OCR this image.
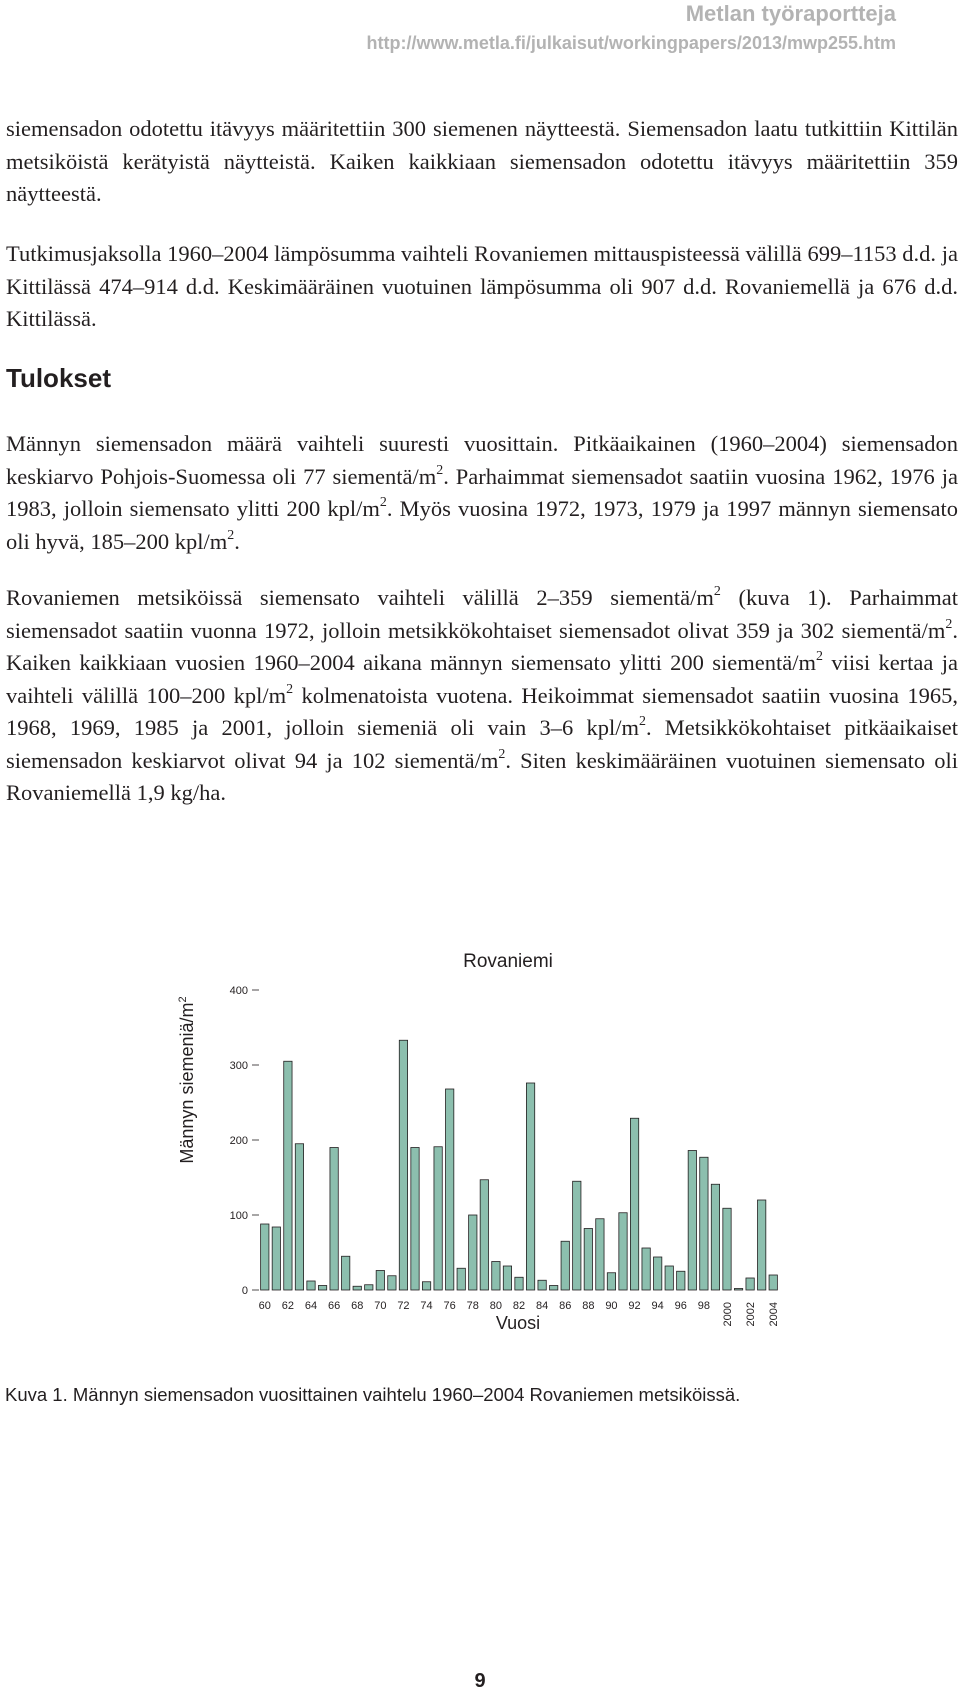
Metlan työraportteja
http://www.metla.fi/julkaisut/workingpapers/2013/mwp255.htm

siemensadon odotettu itävyys määritettiin 300 siemenen näytteestä. Siemensadon laatu tutkittiin Kittilän metsiköistä kerätyistä näytteistä. Kaiken kaikkiaan siemensadon odotettu itävyys määritettiin 359 näytteestä.

Tutkimusjaksolla 1960–2004 lämpösumma vaihteli Rovaniemen mittauspisteessä välillä 699–1153 d.d. ja Kittilässä 474–914 d.d. Keskimääräinen vuotuinen lämpösumma oli 907 d.d. Rovaniemellä ja 676 d.d. Kittilässä.

Tulokset

Männyn siemensadon määrä vaihteli suuresti vuosittain. Pitkäaikainen (1960–2004) siemensadon keskiarvo Pohjois-Suomessa oli 77 siementä/$m^2$. Parhaimmat siemensadot saatiin vuosina 1962, 1976 ja 1983, jolloin siemensato ylitti 200 kpl/$m^2$. Myös vuosina 1972, 1973, 1979 ja 1997 männyn siemensato oli hyvä, 185–200 kpl/$m^2$.

Rovaniemen metsiköissä siemensato vaihteli välillä 2–359 siementä/$m^2$ (kuva 1). Parhaimmat siemensadot saatiin vuonna 1972, jolloin metsikkökohtaiset siemensadot olivat 359 ja 302 siementä/$m^2$. Kaiken kaikkiaan vuosien 1960–2004 aikana männyn siemensato ylitti 200 siementä/$m^2$ viisi kertaa ja vaihteli välillä 100–200 kpl/$m^2$ kolmenatoista vuotena. Heikoimmat siemensadot saatiin vuosina 1965, 1968, 1969, 1985 ja 2001, jolloin siemeniä oli vain 3–6 kpl/$m^2$. Metsikkökohtaiset pitkäaikaiset siemensadon keskiarvot olivat 94 ja 102 siementä/$m^2$. Siten keskimääräinen vuotuinen siemensato oli Rovaniemellä 1,9 kg/ha.

Rovaniemi
Männyn siemeniä/$m^2$
0
100
200
300
400
60 62 64 66 68 70 72 74 76 78 80 82 84 86 88 90 92 94 96 98 2000 2002 2004
Vuosi
Kuva 1. Männyn siemensadon vuosittainen vaihtelu 1960–2004 Rovaniemen metsiköissä.
9
